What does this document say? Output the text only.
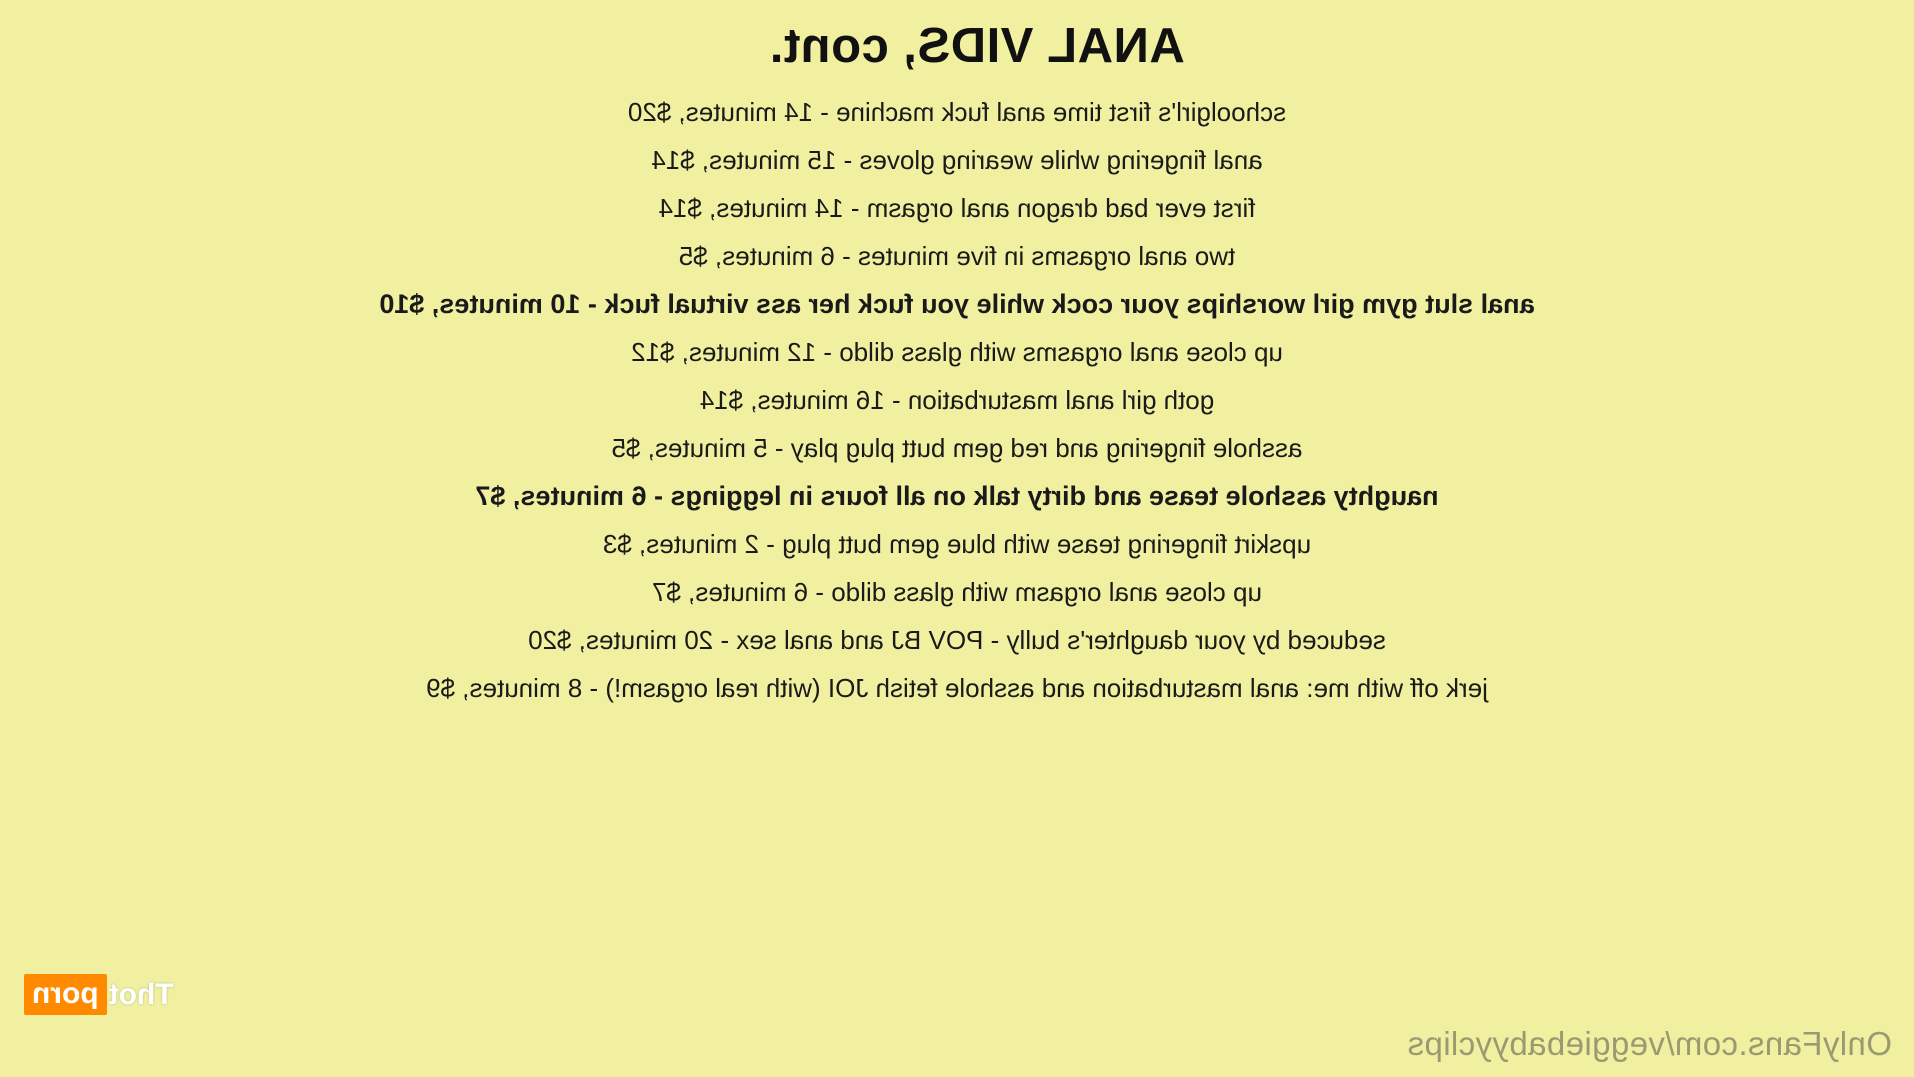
ANAL VIDS, cont.
schoolgirl's first time anal fuck machine - 14 minutes, $20
anal fingering while wearing gloves - 15 minutes, $14
first ever bad dragon anal orgasm - 14 minutes, $14
two anal orgasms in five minutes - 6 minutes, $5
anal slut gym girl worships your cock while you fuck her ass virtual fuck - 10 minutes, $10
up close anal orgasms with glass dildo - 12 minutes, $12
goth girl anal masturbation - 16 minutes, $14
asshole fingering and red gem butt plug play - 5 minutes, $5
naughty asshole tease and dirty talk on all fours in leggings - 6 minutes, $7
upskirt fingering tease with blue gem butt plug - 2 minutes, $3
up close anal orgasm with glass dildo - 6 minutes, $7
seduced by your daughter's bully - POV BJ and anal sex - 20 minutes, $20
jerk off with me: anal masturbation and asshole fetish JOI (with real orgasm!) - 8 minutes, $9
OnlyFans.com/veggiebabyyclips
Thot
porn
